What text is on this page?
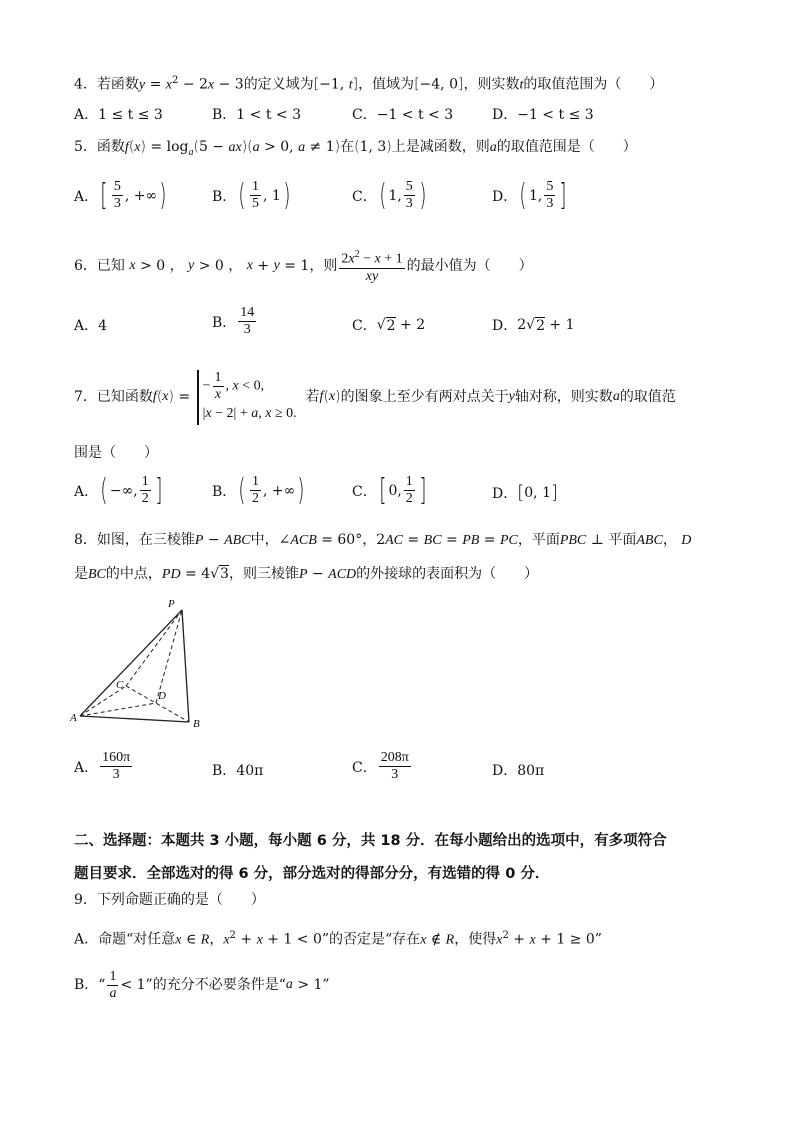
4．若函数$y = x^2 - 2x - 3$的定义域为[−1, t]，值域为[−4, 0]，则实数t的取值范围为（　　）
A．1 ≤ t ≤ 3	B．1 < t < 3	C．−1 < t < 3	D．−1 < t ≤ 3
5．函数$f(x) = \log_a(5 - ax)(a > 0$, a ≠ 1)在(1, 3)上是减函数，则a的取值范围是（　　）
A． [ $\frac{5}{3}$ , +∞ )	B． ( $\frac{1}{5}$ , 1 )	C． ( 1, $\frac{5}{3}$ )	D． ( 1, $\frac{5}{3}$ ]
6．已知
x > 0 ， y > 0 ， x + y = 1 ，则 $\frac{2x^2 - x + 1}{xy}$ 的最小值为（　　）
A．4	B． $\frac{14}{3}$	C． √ 2 + 2	D． 2√ 2 + 1
7．已知函数 f ( x ) =
− $\frac{1}{x}$ , x < 0,
|x − 2| + a, x ≥ 0.

若 f ( x ) 的图象上至少有两对点关于 y 轴对称，则实数 a 的取值范
围是（　　）
A． ( −∞, $\frac{1}{2}$ ]	B． ( $\frac{1}{2}$ , +∞ )	C． [ 0, $\frac{1}{2}$ ]	D． [ 0, 1 ]
8．如图，在三棱锥P − ABC中，∠ACB = 60°，2AC = BC = PB = PC，平面PBC ⊥ 平面ABC， D
是BC的中点，PD = 4√3，则三棱锥P − ACD的外接球的表面积为（　　）
P
C
D
A	B
A． $\frac{160\pi}{3}$	B．40π	C． $\frac{208\pi}{3}$	D．80π
二、选择题：本题共 3 小题，每小题 6 分，共 18 分．在每小题给出的选项中，有多项符合
题目要求．全部选对的得 6 分，部分选对的得部分分，有选错的得 0 分．
9．下列命题正确的是（　　）
A．命题“对任意x ∈ R，$x^2 + x + 1 < 0$”的否定是“存在x ∉ R，使得$x^2 + x + 1 \ge 0$”
B．“ $\frac{1}{a} < 1$ ”的充分不必要条件是“ a > 1 ”
